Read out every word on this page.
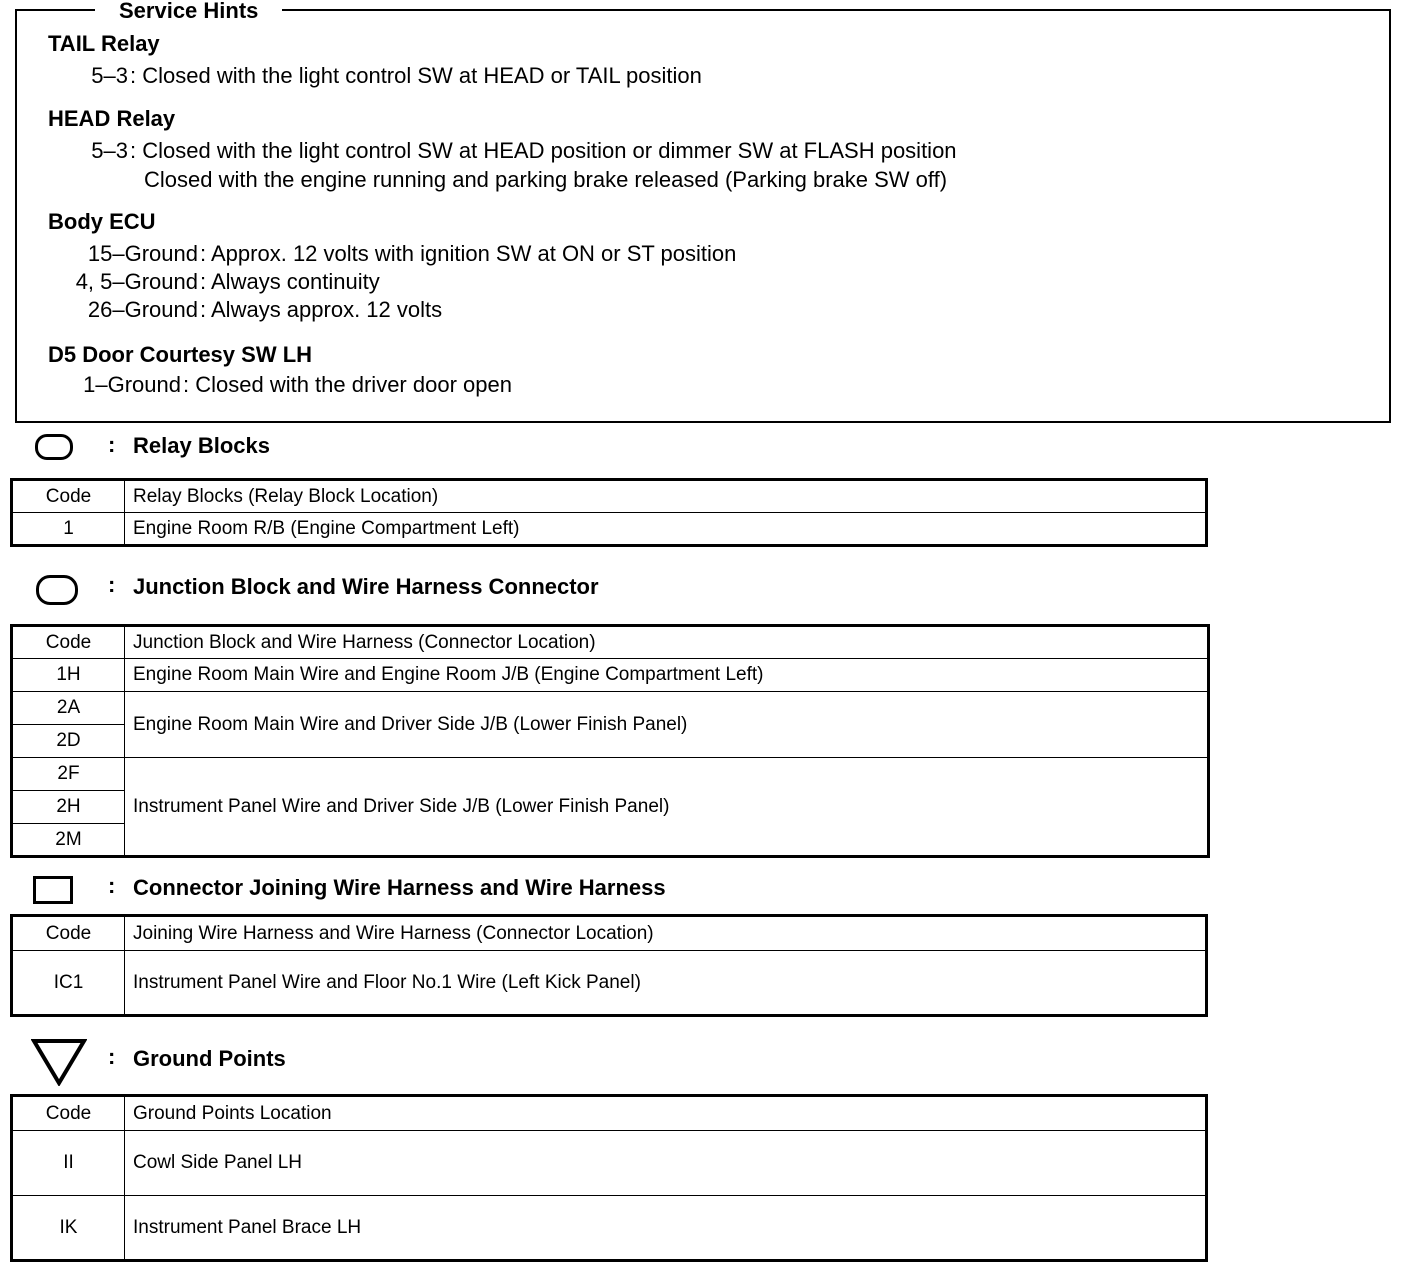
Service Hints
TAIL Relay
5–3 : Closed with the light control SW at HEAD or TAIL position
HEAD Relay
5–3 : Closed with the light control SW at HEAD position or dimmer SW at FLASH position
Closed with the engine running and parking brake released (Parking brake SW off)
Body ECU
15–Ground : Approx. 12 volts with ignition SW at ON or ST position
4, 5–Ground : Always continuity
26–Ground : Always approx. 12 volts
D5 Door Courtesy SW LH
1–Ground : Closed with the driver door open
: Relay Blocks
Code	Relay Blocks (Relay Block Location)
1	Engine Room R/B (Engine Compartment Left)
: Junction Block and Wire Harness Connector
Code	Junction Block and Wire Harness (Connector Location)
1H	Engine Room Main Wire and Engine Room J/B (Engine Compartment Left)
2A	Engine Room Main Wire and Driver Side J/B (Lower Finish Panel)
2D	
2F	Instrument Panel Wire and Driver Side J/B (Lower Finish Panel)
2H	
2M	
: Connector Joining Wire Harness and Wire Harness
Code	Joining Wire Harness and Wire Harness (Connector Location)
IC1	Instrument Panel Wire and Floor No.1 Wire (Left Kick Panel)
: Ground Points
Code	Ground Points Location
II	Cowl Side Panel LH
IK	Instrument Panel Brace LH
